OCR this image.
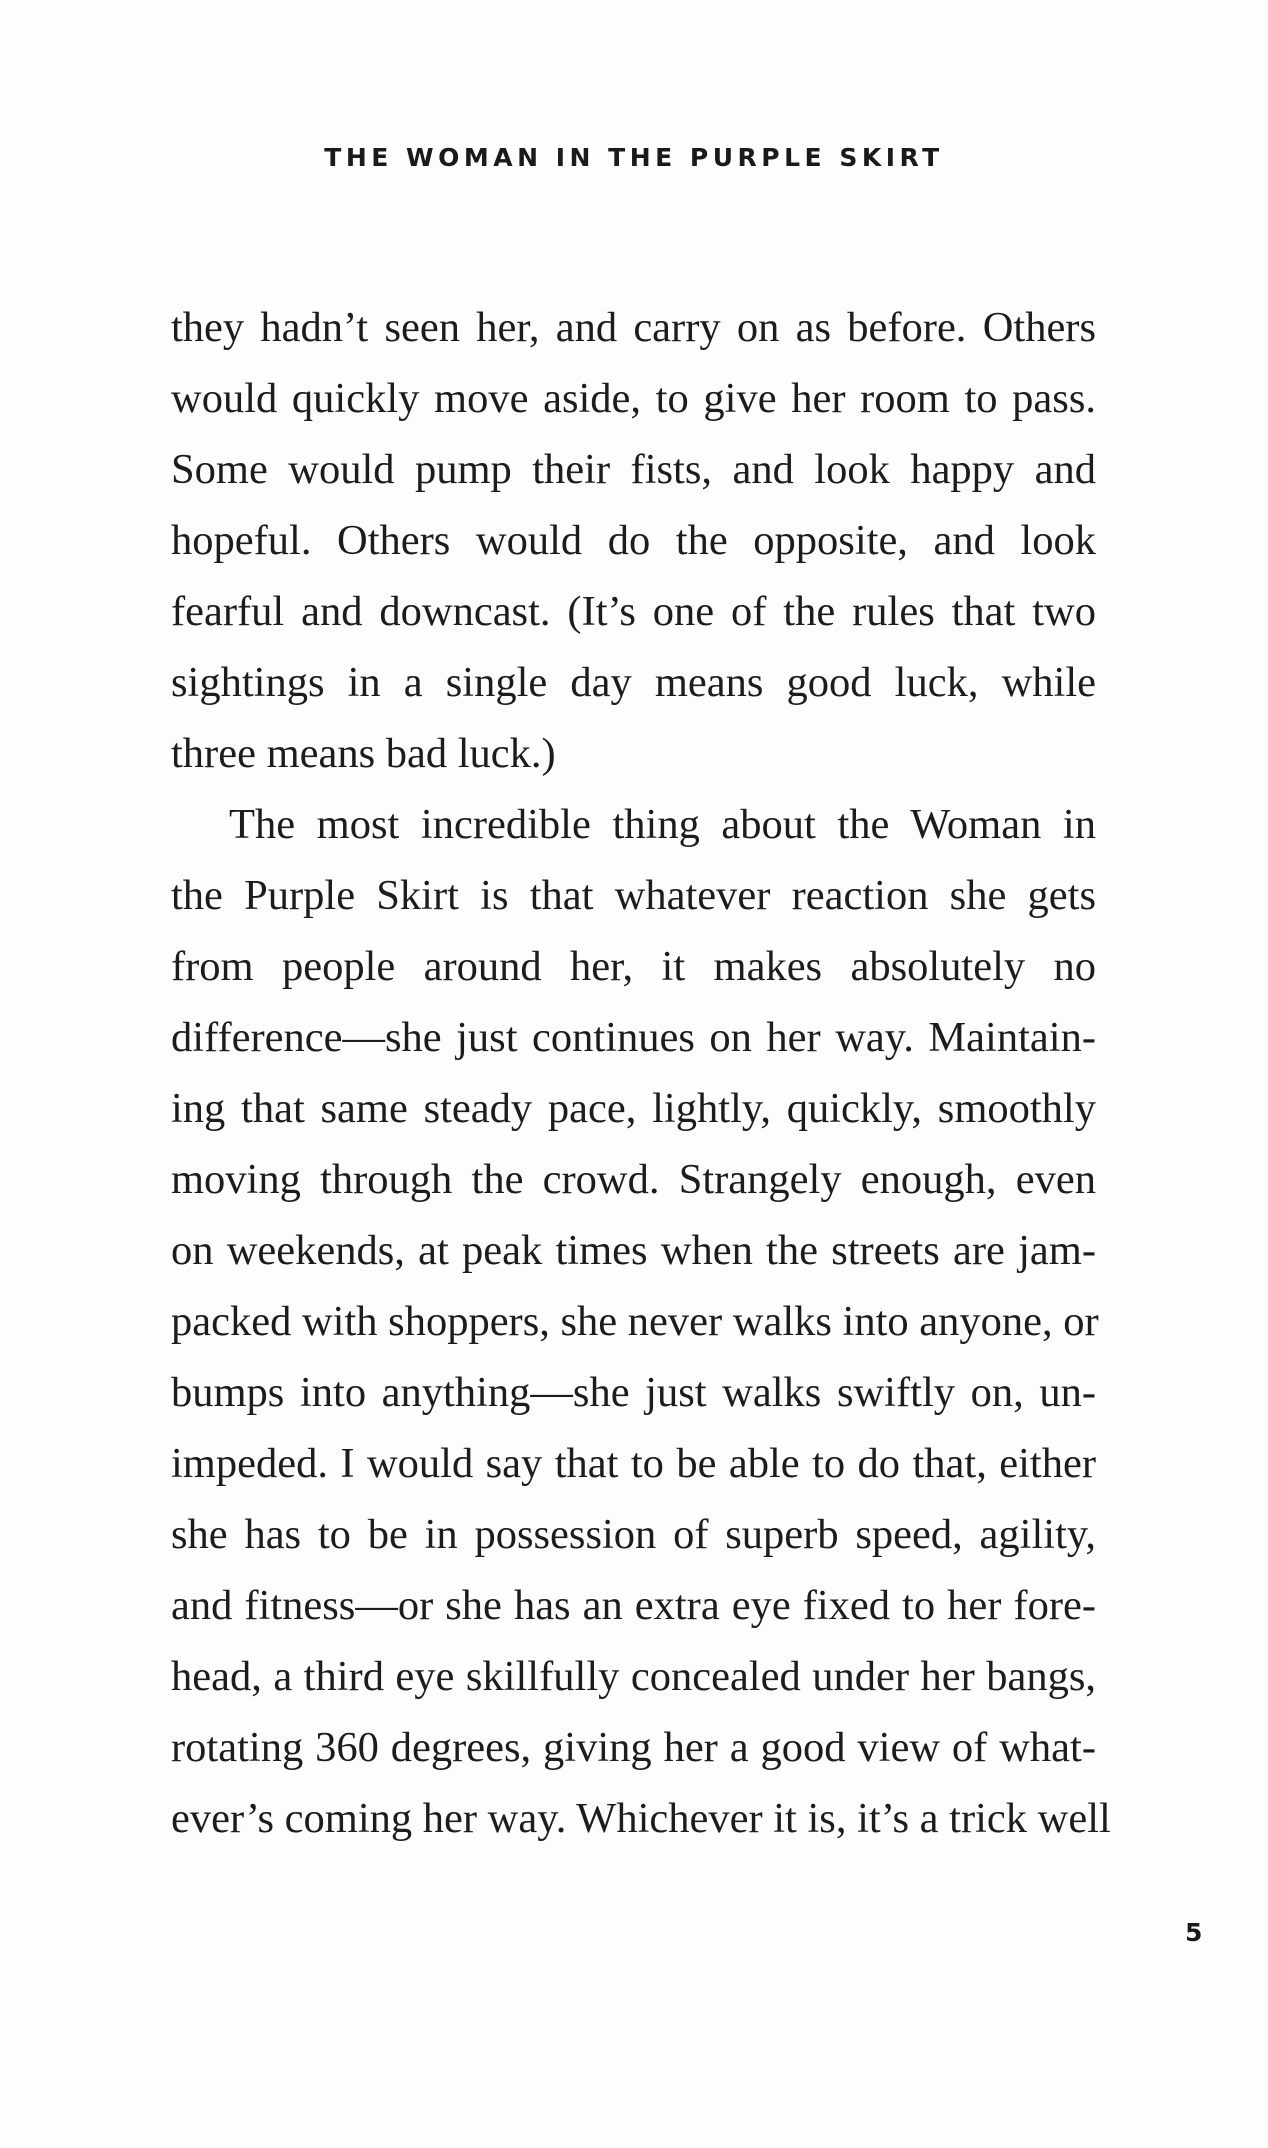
THE WOMAN IN THE PURPLE SKIRT
they hadn’t seen her, and carry on as before. Others
would quickly move aside, to give her room to pass.
Some would pump their fists, and look happy and
hopeful. Others would do the opposite, and look
fearful and downcast. (It’s one of the rules that two
sightings in a single day means good luck, while
three means bad luck.)
The most incredible thing about the Woman in
the Purple Skirt is that whatever reaction she gets
from people around her, it makes absolutely no
difference—she just continues on her way. Maintain-
ing that same steady pace, lightly, quickly, smoothly
moving through the crowd. Strangely enough, even
on weekends, at peak times when the streets are jam-
packed with shoppers, she never walks into anyone, or
bumps into anything—she just walks swiftly on, un-
impeded. I would say that to be able to do that, either
she has to be in possession of superb speed, agility,
and fitness—or she has an extra eye fixed to her fore-
head, a third eye skillfully concealed under her bangs,
rotating 360 degrees, giving her a good view of what-
ever’s coming her way. Whichever it is, it’s a trick well
5
